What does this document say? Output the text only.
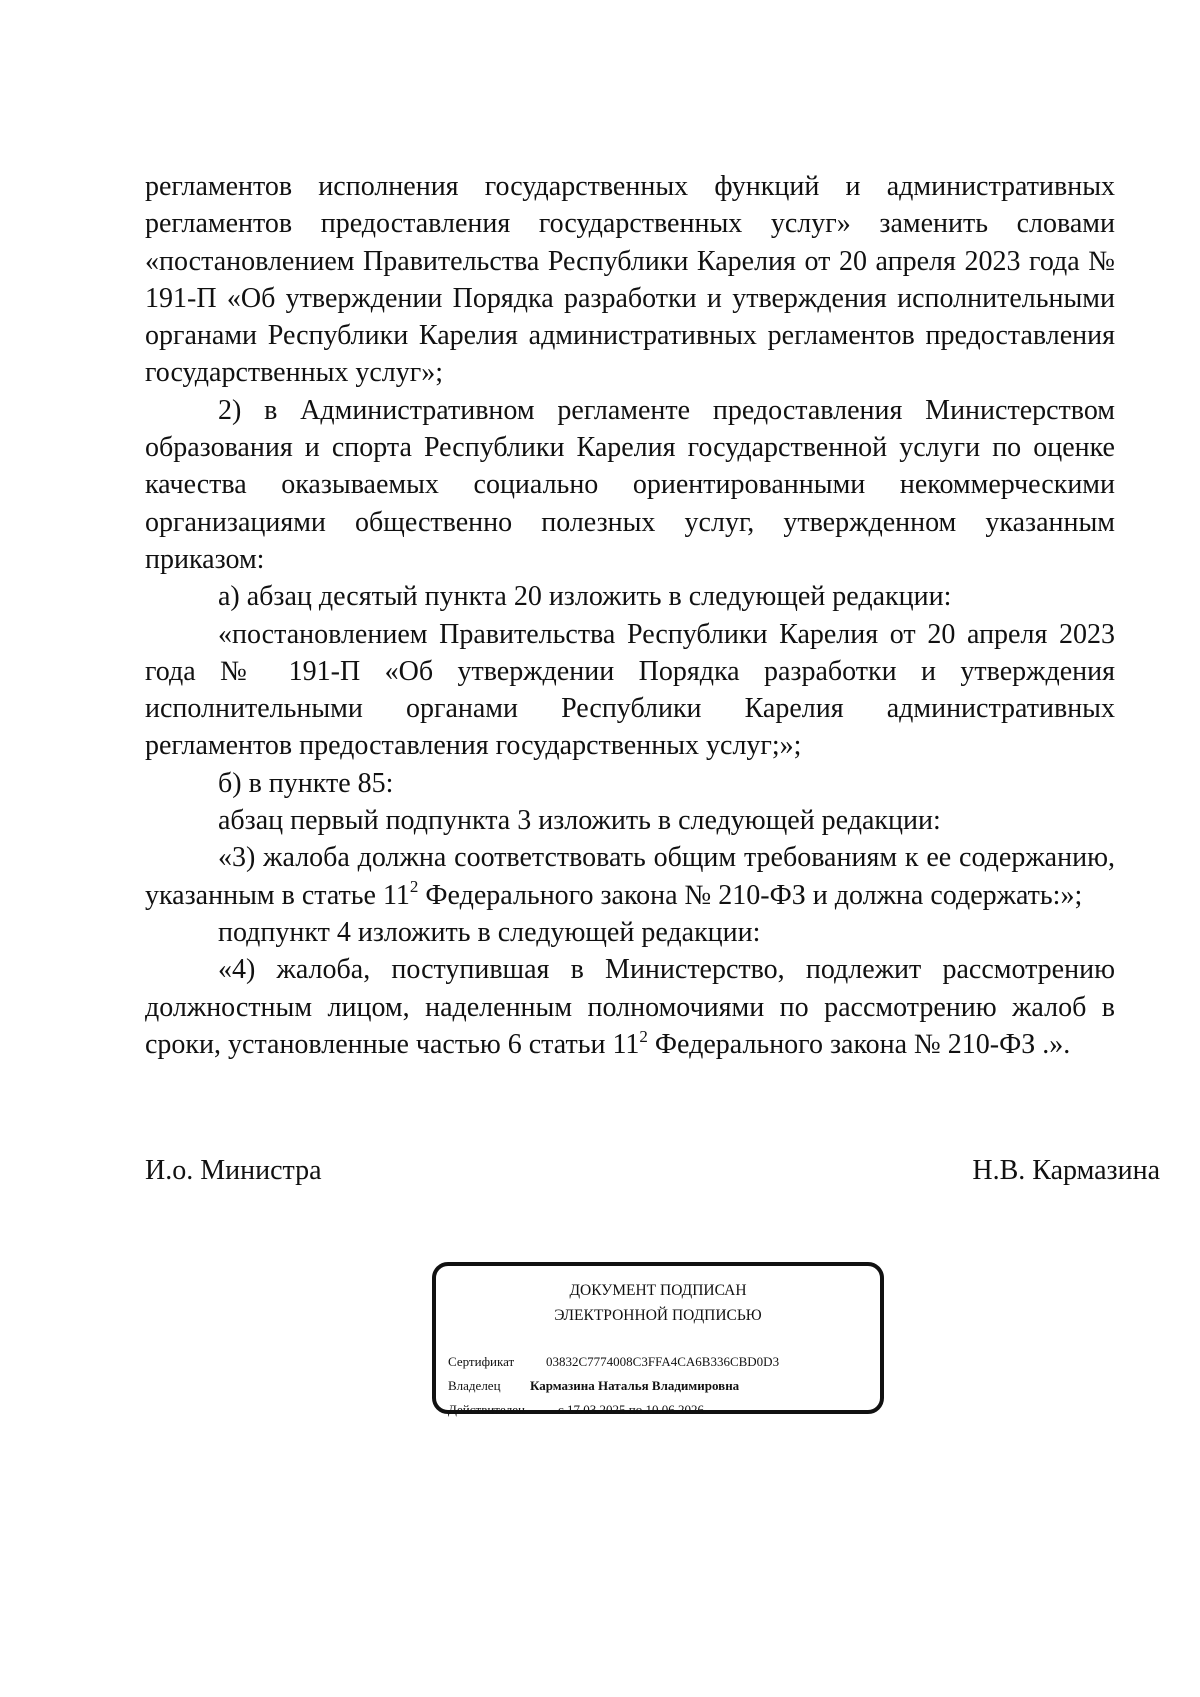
регламентов исполнения государственных функций и административных регламентов предоставления государственных услуг» заменить словами «постановлением Правительства Республики Карелия от 20 апреля 2023 года № 191-П «Об утверждении Порядка разработки и утверждения исполнительными органами Республики Карелия административных регламентов предоставления государственных услуг»;

2) в Административном регламенте предоставления Министерством образования и спорта Республики Карелия государственной услуги по оценке качества оказываемых социально ориентированными некоммерческими организациями общественно полезных услуг, утвержденном указанным приказом:

а) абзац десятый пункта 20 изложить в следующей редакции:

«постановлением Правительства Республики Карелия от 20 апреля 2023 года № 191-П «Об утверждении Порядка разработки и утверждения исполнительными органами Республики Карелия административных регламентов предоставления государственных услуг;»;

б) в пункте 85:

абзац первый подпункта 3 изложить в следующей редакции:

«3) жалоба должна соответствовать общим требованиям к ее содержанию, указанным в статье $11^2$ Федерального закона № 210-ФЗ и должна содержать:»;

подпункт 4 изложить в следующей редакции:

«4) жалоба, поступившая в Министерство, подлежит рассмотрению должностным лицом, наделенным полномочиями по рассмотрению жалоб в сроки, установленные частью 6 статьи $11^2$ Федерального закона № 210-ФЗ .».

И.о. Министра	Н.В. Кармазина
ДОКУМЕНТ ПОДПИСАН
ЭЛЕКТРОННОЙ ПОДПИСЬЮ
Сертификат 03832C7774008C3FFA4CA6B336CBD0D3
Владелец Кармазина Наталья Владимировна
Действителен	с 17.03.2025 по 10.06.2026
